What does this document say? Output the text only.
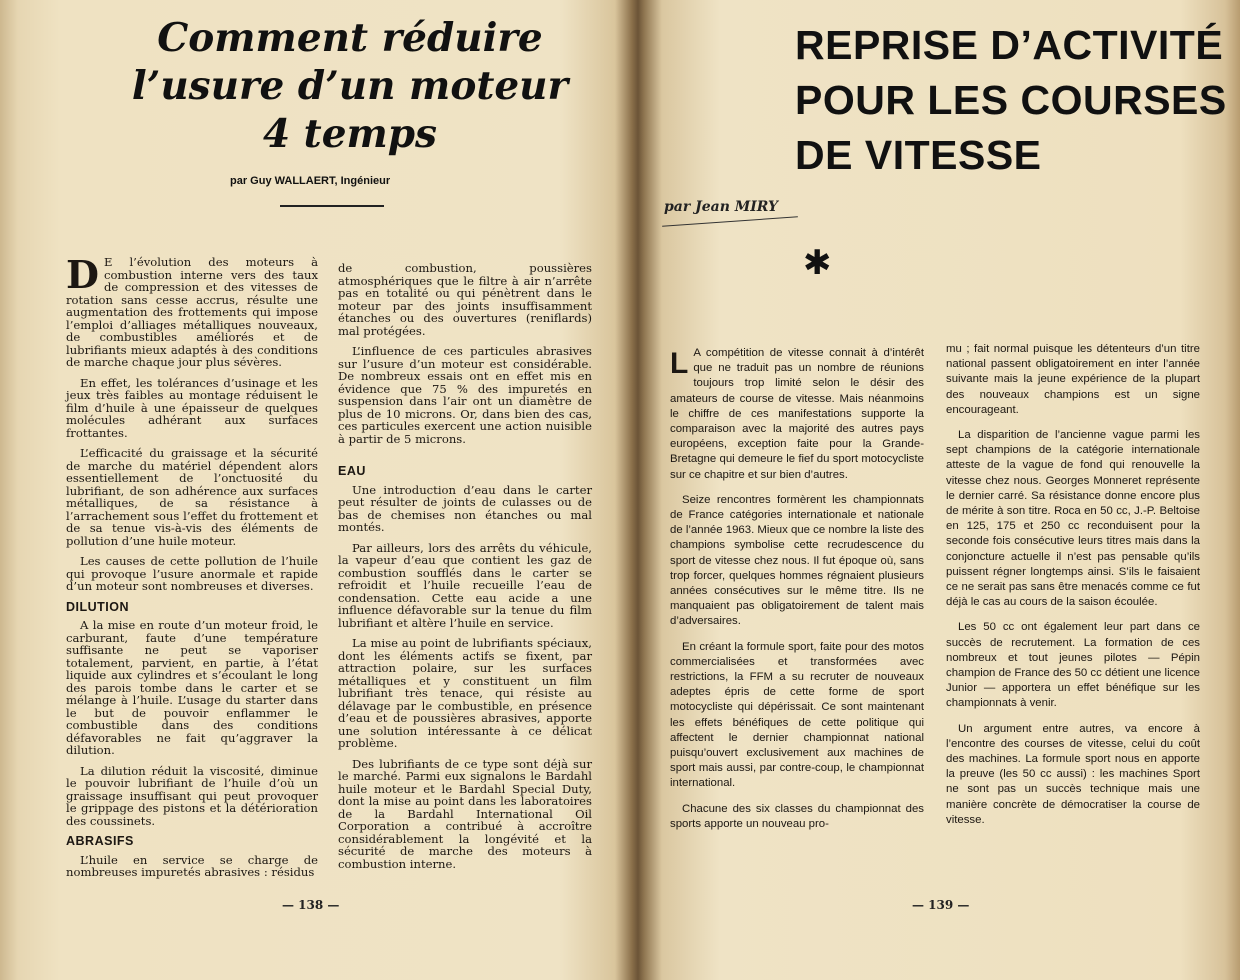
Comment réduire l’usure d’un moteur 4 temps
par Guy WALLAERT, Ingénieur

D E l’évolution des moteurs à combustion interne vers des taux de compression et des vitesses de rotation sans cesse accrus, résulte une augmentation des frottements qui impose l’emploi d’alliages métalliques nouveaux, de combustibles améliorés et de lubrifiants mieux adaptés à des conditions de marche chaque jour plus sévères.

En effet, les tolérances d’usinage et les jeux très faibles au montage réduisent le film d’huile à une épaisseur de quelques molécules adhérant aux surfaces frottantes.

L’efficacité du graissage et la sécurité de marche du matériel dépendent alors essentiellement de l’onctuosité du lubrifiant, de son adhérence aux surfaces métalliques, de sa résistance à l’arrachement sous l’effet du frottement et de sa tenue vis-à-vis des éléments de pollution d’une huile moteur.

Les causes de cette pollution de l’huile qui provoque l’usure anormale et rapide d’un moteur sont nombreuses et diverses.

DILUTION

A la mise en route d’un moteur froid, le carburant, faute d’une température suffisante ne peut se vaporiser totalement, parvient, en partie, à l’état liquide aux cylindres et s’écoulant le long des parois tombe dans le carter et se mélange à l’huile. L’usage du starter dans le but de pouvoir enflammer le combustible dans des conditions défavorables ne fait qu’aggraver la dilution.

La dilution réduit la viscosité, diminue le pouvoir lubrifiant de l’huile d’où un graissage insuffisant qui peut provoquer le grippage des pistons et la détérioration des coussinets.

ABRASIFS

L’huile en service se charge de nombreuses impuretés abrasives : résidus

de combustion, poussières atmosphériques que le filtre à air n’arrête pas en totalité ou qui pénètrent dans le moteur par des joints insuffisamment étanches ou des ouvertures (reniflards) mal protégées.

L’influence de ces particules abrasives sur l’usure d’un moteur est considérable. De nombreux essais ont en effet mis en évidence que 75 % des impuretés en suspension dans l’air ont un diamètre de plus de 10 microns. Or, dans bien des cas, ces particules exercent une action nuisible à partir de 5 microns.

EAU

Une introduction d’eau dans le carter peut résulter de joints de culasses ou de bas de chemises non étanches ou mal montés.

Par ailleurs, lors des arrêts du véhicule, la vapeur d’eau que contient les gaz de combustion soufflés dans le carter se refroidit et l’huile recueille l’eau de condensation. Cette eau acide a une influence défavorable sur la tenue du film lubrifiant et altère l’huile en service.

La mise au point de lubrifiants spéciaux, dont les éléments actifs se fixent, par attraction polaire, sur les surfaces métalliques et y constituent un film lubrifiant très tenace, qui résiste au délavage par le combustible, en présence d’eau et de poussières abrasives, apporte une solution intéressante à ce délicat problème.

Des lubrifiants de ce type sont déjà sur le marché. Parmi eux signalons le Bardahl huile moteur et le Bardahl Special Duty, dont la mise au point dans les laboratoires de la Bardahl International Oil Corporation a contribué à accroître considérablement la longévité et la sécurité de marche des moteurs à combustion interne.

— 138 —
REPRISE D’ACTIVITÉ
POUR LES COURSES
DE VITESSE
par Jean MIRY
✱

L A compétition de vitesse connait à d’intérêt que ne traduit pas un nombre de réunions toujours trop limité selon le désir des amateurs de course de vitesse. Mais néanmoins le chiffre de ces manifestations supporte la comparaison avec la majorité des autres pays européens, exception faite pour la Grande-Bretagne qui demeure le fief du sport motocycliste sur ce chapitre et sur bien d’autres.

Seize rencontres formèrent les championnats de France catégories internationale et nationale de l’année 1963. Mieux que ce nombre la liste des champions symbolise cette recrudescence du sport de vitesse chez nous. Il fut époque où, sans trop forcer, quelques hommes régnaient plusieurs années consécutives sur le même titre. Ils ne manquaient pas obligatoirement de talent mais d’adversaires.

En créant la formule sport, faite pour des motos commercialisées et transformées avec restrictions, la FFM a su recruter de nouveaux adeptes épris de cette forme de sport motocycliste qui dépérissait. Ce sont maintenant les effets bénéfiques de cette politique qui affectent le dernier championnat national puisqu’ouvert exclusivement aux machines de sport mais aussi, par contre-coup, le championnat international.

Chacune des six classes du championnat des sports apporte un nouveau pro-

mu ; fait normal puisque les détenteurs d’un titre national passent obligatoirement en inter l’année suivante mais la jeune expérience de la plupart des nouveaux champions est un signe encourageant.

La disparition de l’ancienne vague parmi les sept champions de la catégorie internationale atteste de la vague de fond qui renouvelle la vitesse chez nous. Georges Monneret représente le dernier carré. Sa résistance donne encore plus de mérite à son titre. Roca en 50 cc, J.-P. Beltoise en 125, 175 et 250 cc reconduisent pour la seconde fois consécutive leurs titres mais dans la conjoncture actuelle il n’est pas pensable qu’ils puissent régner longtemps ainsi. S’ils le faisaient ce ne serait pas sans être menacés comme ce fut déjà le cas au cours de la saison écoulée.

Les 50 cc ont également leur part dans ce succès de recrutement. La formation de ces nombreux et tout jeunes pilotes — Pépin champion de France des 50 cc détient une licence Junior — apportera un effet bénéfique sur les championnats à venir.

Un argument entre autres, va encore à l’encontre des courses de vitesse, celui du coût des machines. La formule sport nous en apporte la preuve (les 50 cc aussi) : les machines Sport ne sont pas un succès technique mais une manière concrète de démocratiser la course de vitesse.

— 139 —
